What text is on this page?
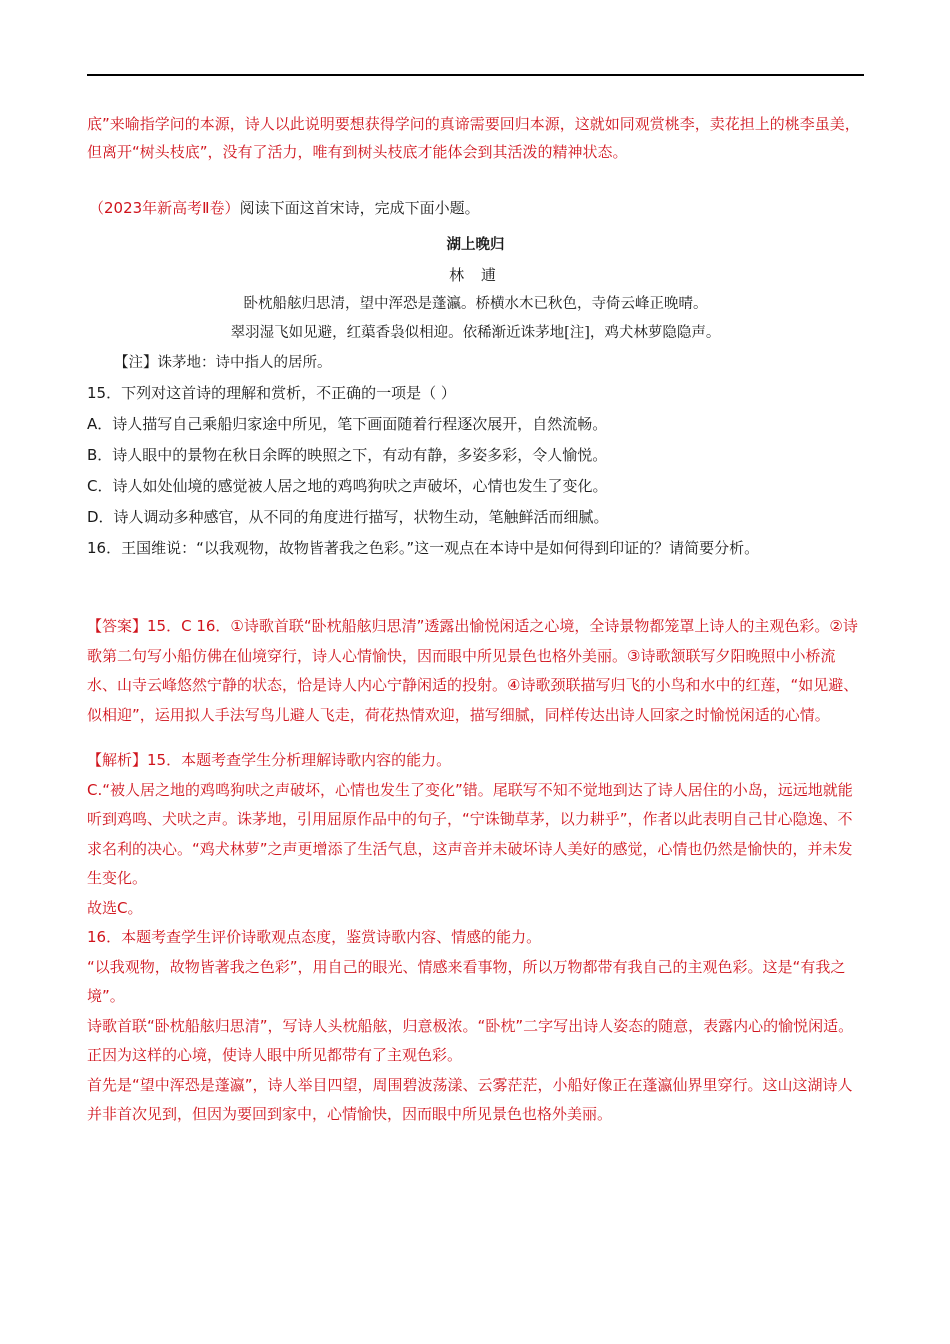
底”来喻指学问的本源，诗人以此说明要想获得学问的真谛需要回归本源，这就如同观赏桃李，卖花担上的桃李虽美，但离开“树头枝底”，没有了活力，唯有到树头枝底才能体会到其活泼的精神状态。

（2023年新高考Ⅱ卷）阅读下面这首宋诗，完成下面小题。

湖上晚归

林 逋

卧枕船舷归思清，望中浑恐是蓬瀛。桥横水木已秋色，寺倚云峰正晚晴。

翠羽湿飞如见避，红蕖香袅似相迎。依稀渐近诛茅地[注]，鸡犬林萝隐隐声。

【注】诛茅地：诗中指人的居所。

15．下列对这首诗的理解和赏析，不正确的一项是（ ）

A．诗人描写自己乘船归家途中所见，笔下画面随着行程逐次展开，自然流畅。

B．诗人眼中的景物在秋日余晖的映照之下，有动有静，多姿多彩，令人愉悦。

C．诗人如处仙境的感觉被人居之地的鸡鸣狗吠之声破坏，心情也发生了变化。

D．诗人调动多种感官，从不同的角度进行描写，状物生动，笔触鲜活而细腻。

16．王国维说：“以我观物，故物皆著我之色彩。”这一观点在本诗中是如何得到印证的？请简要分析。

【答案】15．C 16．①诗歌首联“卧枕船舷归思清”透露出愉悦闲适之心境，全诗景物都笼罩上诗人的主观色彩。②诗歌第二句写小船仿佛在仙境穿行，诗人心情愉快，因而眼中所见景色也格外美丽。③诗歌颔联写夕阳晚照中小桥流水、山寺云峰悠然宁静的状态，恰是诗人内心宁静闲适的投射。④诗歌颈联描写归飞的小鸟和水中的红莲，“如见避、似相迎”，运用拟人手法写鸟儿避人飞走，荷花热情欢迎，描写细腻，同样传达出诗人回家之时愉悦闲适的心情。

【解析】15．本题考查学生分析理解诗歌内容的能力。

C.“被人居之地的鸡鸣狗吠之声破坏，心情也发生了变化”错。尾联写不知不觉地到达了诗人居住的小岛，远远地就能听到鸡鸣、犬吠之声。诛茅地，引用屈原作品中的句子，“宁诛锄草茅，以力耕乎”，作者以此表明自己甘心隐逸、不求名利的决心。“鸡犬林萝”之声更增添了生活气息，这声音并未破坏诗人美好的感觉，心情也仍然是愉快的，并未发生变化。

故选C。

16．本题考查学生评价诗歌观点态度，鉴赏诗歌内容、情感的能力。

“以我观物，故物皆著我之色彩”，用自己的眼光、情感来看事物，所以万物都带有我自己的主观色彩。这是“有我之境”。

诗歌首联“卧枕船舷归思清”，写诗人头枕船舷，归意极浓。“卧枕”二字写出诗人姿态的随意，表露内心的愉悦闲适。正因为这样的心境，使诗人眼中所见都带有了主观色彩。

首先是“望中浑恐是蓬瀛”，诗人举目四望，周围碧波荡漾、云雾茫茫，小船好像正在蓬瀛仙界里穿行。这山这湖诗人并非首次见到，但因为要回到家中，心情愉快，因而眼中所见景色也格外美丽。
